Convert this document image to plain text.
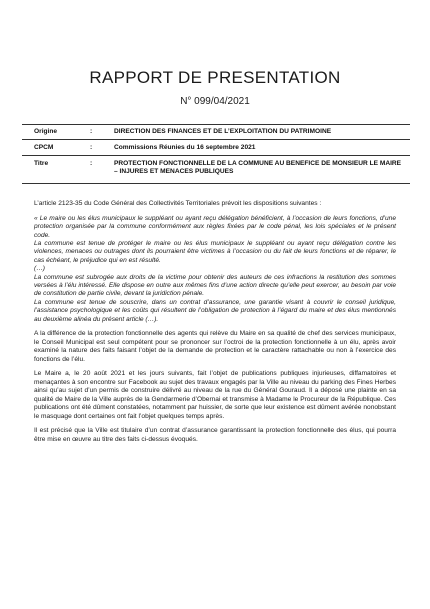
RAPPORT DE PRESENTATION
N° 099/04/2021
Origine	:	DIRECTION DES FINANCES ET DE L’EXPLOITATION DU PATRIMOINE
CPCM	:	Commissions Réunies du 16 septembre 2021
Titre	:	PROTECTION FONCTIONNELLE DE LA COMMUNE AU BENEFICE DE MONSIEUR LE MAIRE – INJURES ET MENACES PUBLIQUES

L’article 2123-35 du Code Général des Collectivités Territoriales prévoit les dispositions suivantes :

« Le maire ou les élus municipaux le suppléant ou ayant reçu délégation bénéficient, à l’occasion de leurs fonctions, d’une protection organisée par la commune conformément aux règles fixées par le code pénal, les lois spéciales et le présent code.

La commune est tenue de protéger le maire ou les élus municipaux le suppléant ou ayant reçu délégation contre les violences, menaces ou outrages dont ils pourraient être victimes à l’occasion ou du fait de leurs fonctions et de réparer, le cas échéant, le préjudice qui en est résulté.

(…)

La commune est subrogée aux droits de la victime pour obtenir des auteurs de ces infractions la restitution des sommes versées à l’élu intéressé. Elle dispose en outre aux mêmes fins d’une action directe qu’elle peut exercer, au besoin par voie de constitution de partie civile, devant la juridiction pénale.

La commune est tenue de souscrire, dans un contrat d’assurance, une garantie visant à couvrir le conseil juridique, l’assistance psychologique et les coûts qui résultent de l’obligation de protection à l’égard du maire et des élus mentionnés au deuxième alinéa du présent article (…).

A la différence de la protection fonctionnelle des agents qui relève du Maire en sa qualité de chef des services municipaux, le Conseil Municipal est seul compétent pour se prononcer sur l’octroi de la protection fonctionnelle à un élu, après avoir examiné la nature des faits faisant l’objet de la demande de protection et le caractère rattachable ou non à l’exercice des fonctions de l’élu.

Le Maire a, le 20 août 2021 et les jours suivants, fait l’objet de publications publiques injurieuses, diffamatoires et menaçantes à son encontre sur Facebook au sujet des travaux engagés par la Ville au niveau du parking des Fines Herbes ainsi qu’au sujet d’un permis de construire délivré au niveau de la rue du Général Gouraud. Il a déposé une plainte en sa qualité de Maire de la Ville auprès de la Gendarmerie d’Obernai et transmise à Madame le Procureur de la République. Ces publications ont été dûment constatées, notamment par huissier, de sorte que leur existence est dûment avérée nonobstant le masquage dont certaines ont fait l’objet quelques temps après.

Il est précisé que la Ville est titulaire d’un contrat d’assurance garantissant la protection fonctionnelle des élus, qui pourra être mise en œuvre au titre des faits ci-dessus évoqués.
